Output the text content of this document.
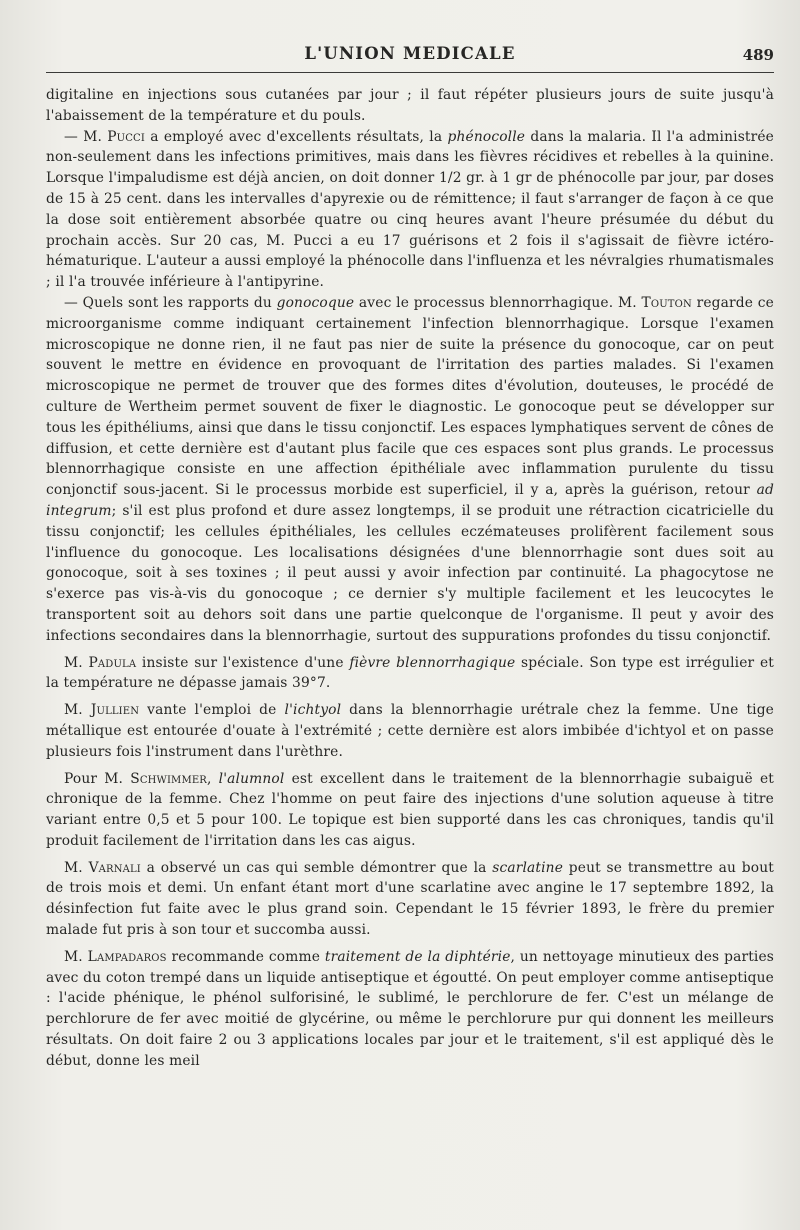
L'UNION MEDICALE	489

digitaline en injections sous cutanées par jour ; il faut répéter plusieurs jours de suite jusqu'à l'abaissement de la température et du pouls.

— M. Pucci a employé avec d'excellents résultats, la phénocolle dans la malaria. Il l'a administrée non-seulement dans les infections primitives, mais dans les fièvres récidives et rebelles à la quinine. Lorsque l'impaludisme est déjà ancien, on doit donner 1/2 gr. à 1 gr de phénocolle par jour, par doses de 15 à 25 cent. dans les intervalles d'apyrexie ou de rémittence; il faut s'arranger de façon à ce que la dose soit entièrement absorbée quatre ou cinq heures avant l'heure présumée du début du prochain accès. Sur 20 cas, M. Pucci a eu 17 guérisons et 2 fois il s'agissait de fièvre ictéro-hématurique. L'auteur a aussi employé la phénocolle dans l'influenza et les névralgies rhumatismales ; il l'a trouvée inférieure à l'antipyrine.

— Quels sont les rapports du gonocoque avec le processus blennorrhagique. M. Touton regarde ce microorganisme comme indiquant certainement l'infection blennorrhagique. Lorsque l'examen microscopique ne donne rien, il ne faut pas nier de suite la présence du gonocoque, car on peut souvent le mettre en évidence en provoquant de l'irritation des parties malades. Si l'examen microscopique ne permet de trouver que des formes dites d'évolution, douteuses, le procédé de culture de Wertheim permet souvent de fixer le diagnostic. Le gonocoque peut se développer sur tous les épithéliums, ainsi que dans le tissu conjonctif. Les espaces lymphatiques servent de cônes de diffusion, et cette dernière est d'autant plus facile que ces espaces sont plus grands. Le processus blennorrhagique consiste en une affection épithéliale avec inflammation purulente du tissu conjonctif sous-jacent. Si le processus morbide est superficiel, il y a, après la guérison, retour ad integrum; s'il est plus profond et dure assez longtemps, il se produit une rétraction cicatricielle du tissu conjonctif; les cellules épithéliales, les cellules eczémateuses prolifèrent facilement sous l'influence du gonocoque. Les localisations désignées d'une blennorrhagie sont dues soit au gonocoque, soit à ses toxines ; il peut aussi y avoir infection par continuité. La phagocytose ne s'exerce pas vis-à-vis du gonocoque ; ce dernier s'y multiple facilement et les leucocytes le transportent soit au dehors soit dans une partie quelconque de l'organisme. Il peut y avoir des infections secondaires dans la blennorrhagie, surtout des suppurations profondes du tissu conjonctif.

M. Padula insiste sur l'existence d'une fièvre blennorrhagique spéciale. Son type est irrégulier et la température ne dépasse jamais 39°7.

M. Jullien vante l'emploi de l'ichtyol dans la blennorrhagie urétrale chez la femme. Une tige métallique est entourée d'ouate à l'extrémité ; cette dernière est alors imbibée d'ichtyol et on passe plusieurs fois l'instrument dans l'urèthre.

Pour M. Schwimmer, l'alumnol est excellent dans le traitement de la blennorrhagie subaiguë et chronique de la femme. Chez l'homme on peut faire des injections d'une solution aqueuse à titre variant entre 0,5 et 5 pour 100. Le topique est bien supporté dans les cas chroniques, tandis qu'il produit facilement de l'irritation dans les cas aigus.

M. Varnali a observé un cas qui semble démontrer que la scarlatine peut se transmettre au bout de trois mois et demi. Un enfant étant mort d'une scarlatine avec angine le 17 septembre 1892, la désinfection fut faite avec le plus grand soin. Cependant le 15 février 1893, le frère du premier malade fut pris à son tour et succomba aussi.

M. Lampadaros recommande comme traitement de la diphtérie, un nettoyage minutieux des parties avec du coton trempé dans un liquide antiseptique et égoutté. On peut employer comme antiseptique : l'acide phénique, le phénol sulforisiné, le sublimé, le perchlorure de fer. C'est un mélange de perchlorure de fer avec moitié de glycérine, ou même le perchlorure pur qui donnent les meilleurs résultats. On doit faire 2 ou 3 applications locales par jour et le traitement, s'il est appliqué dès le début, donne les meil
